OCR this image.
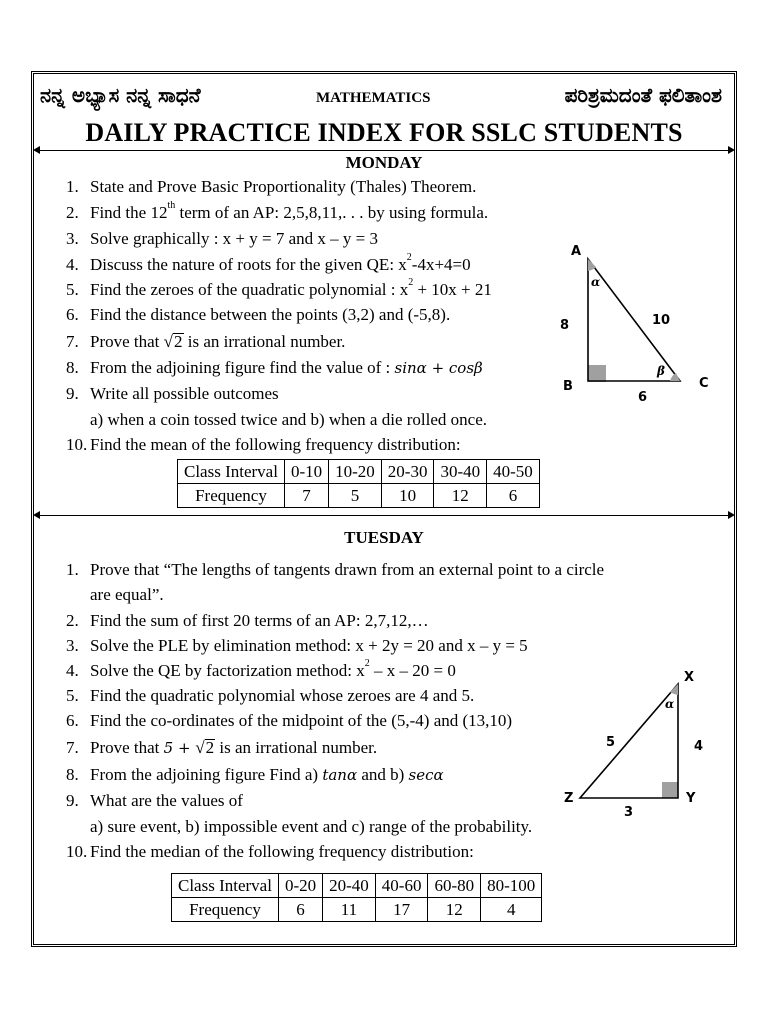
ನನ್ನ ಅಭ್ಯಾಸ ನನ್ನ ಸಾಧನೆ	MATHEMATICS	ಪರಿಶ್ರಮದಂತೆ ಫಲಿತಾಂಶ
DAILY PRACTICE INDEX FOR SSLC STUDENTS
MONDAY
1. State and Prove Basic Proportionality (Thales) Theorem.
2. Find the 12th term of an AP: 2,5,8,11,. . . by using formula.
3. Solve graphically : x + y = 7 and x – y = 3
4. Discuss the nature of roots for the given QE: $x^2-4x+4=0$
5. Find the zeroes of the quadratic polynomial : $x^2 + 10x + 21$
6. Find the distance between the points (3,2) and (-5,8).
7. Prove that √2 is an irrational number.
8. From the adjoining figure find the value of : sinα + cosβ
9. Write all possible outcomes
a) when a coin tossed twice and b) when a die rolled once.
10. Find the mean of the following frequency distribution:
Class Interval	0-10	10-20	20-30	30-40	40-50
Frequency	7	5	10	12	6
A
B	C
α
β
8	10
6
TUESDAY
1. Prove that “The lengths of tangents drawn from an external point to a circle
are equal”.
2. Find the sum of first 20 terms of an AP: 2,7,12,…
3. Solve the PLE by elimination method: x + 2y = 20 and x – y = 5
4. Solve the QE by factorization method: $x^2 - x - 20 = 0$
5. Find the quadratic polynomial whose zeroes are 4 and 5.
6. Find the co-ordinates of the midpoint of the (5,-4) and (13,10)
7. Prove that 5 + √2 is an irrational number.
8. From the adjoining figure Find a) tanα and b) secα
9. What are the values of
a) sure event, b) impossible event and c) range of the probability.
10. Find the median of the following frequency distribution:
Class Interval	0-20	20-40	40-60	60-80	80-100
Frequency	6	11	17	12	4
X
Y
Z
α
5	4
3
